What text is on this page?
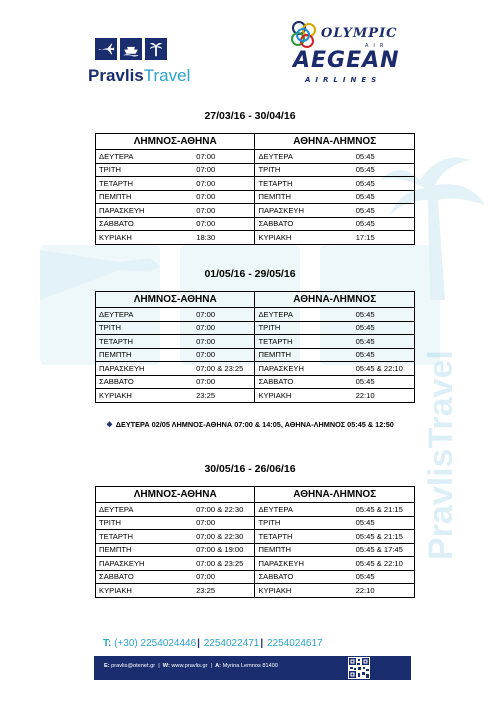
PravlisTravel
PravlisTravel
OLYMPIC
AIR
AEGEAN
AIRLINES
27/03/16 - 30/04/16
ΛΗΜΝΟΣ-ΑΘΗΝΑ		ΑΘΗΝΑ-ΛΗΜΝΟΣ	
ΔΕΥΤΕΡΑ	07:00	ΔΕΥΤΕΡΑ	05:45
ΤΡΙΤΗ	07:00	ΤΡΙΤΗ	05:45
ΤΕΤΑΡΤΗ	07:00	ΤΕΤΑΡΤΗ	05:45
ΠΕΜΠΤΗ	07:00	ΠΕΜΠΤΗ	05:45
ΠΑΡΑΣΚΕΥΗ	07:00	ΠΑΡΑΣΚΕΥΗ	05:45
ΣΑΒΒΑΤΟ	07:00	ΣΑΒΒΑΤΟ	05:45
ΚΥΡΙΑΚΗ	18:30	ΚΥΡΙΑΚΗ	17:15
01/05/16 - 29/05/16
ΛΗΜΝΟΣ-ΑΘΗΝΑ		ΑΘΗΝΑ-ΛΗΜΝΟΣ	
ΔΕΥΤΕΡΑ	07:00	ΔΕΥΤΕΡΑ	05:45
ΤΡΙΤΗ	07:00	ΤΡΙΤΗ	05:45
ΤΕΤΑΡΤΗ	07:00	ΤΕΤΑΡΤΗ	05:45
ΠΕΜΠΤΗ	07:00	ΠΕΜΠΤΗ	05:45
ΠΑΡΑΣΚΕΥΗ	07:00 & 23:25	ΠΑΡΑΣΚΕΥΗ	05:45 & 22:10
ΣΑΒΒΑΤΟ	07:00	ΣΑΒΒΑΤΟ	05:45
ΚΥΡΙΑΚΗ	23:25	ΚΥΡΙΑΚΗ	22:10
❖ ΔΕΥΤΕΡΑ 02/05 ΛΗΜΝΟΣ-ΑΘΗΝΑ 07:00 & 14:05, ΑΘΗΝΑ-ΛΗΜΝΟΣ 05:45 & 12:50
30/05/16 - 26/06/16
ΛΗΜΝΟΣ-ΑΘΗΝΑ		ΑΘΗΝΑ-ΛΗΜΝΟΣ	
ΔΕΥΤΕΡΑ	07:00 & 22:30	ΔΕΥΤΕΡΑ	05:45 & 21:15
ΤΡΙΤΗ	07:00	ΤΡΙΤΗ	05:45
ΤΕΤΑΡΤΗ	07:00 & 22:30	ΤΕΤΑΡΤΗ	05:45 & 21:15
ΠΕΜΠΤΗ	07:00 & 19:00	ΠΕΜΠΤΗ	05:45 & 17:45
ΠΑΡΑΣΚΕΥΗ	07:00 & 23:25	ΠΑΡΑΣΚΕΥΗ	05:45 & 22:10
ΣΑΒΒΑΤΟ	07:00	ΣΑΒΒΑΤΟ	05:45
ΚΥΡΙΑΚΗ	23:25	ΚΥΡΙΑΚΗ	22:10
T: (+30) 2254024446| 2254022471| 2254024617
E: pravlis@otenet.gr  |  W: www.pravlis.gr  |  A: Myrina Lemnos 81400
